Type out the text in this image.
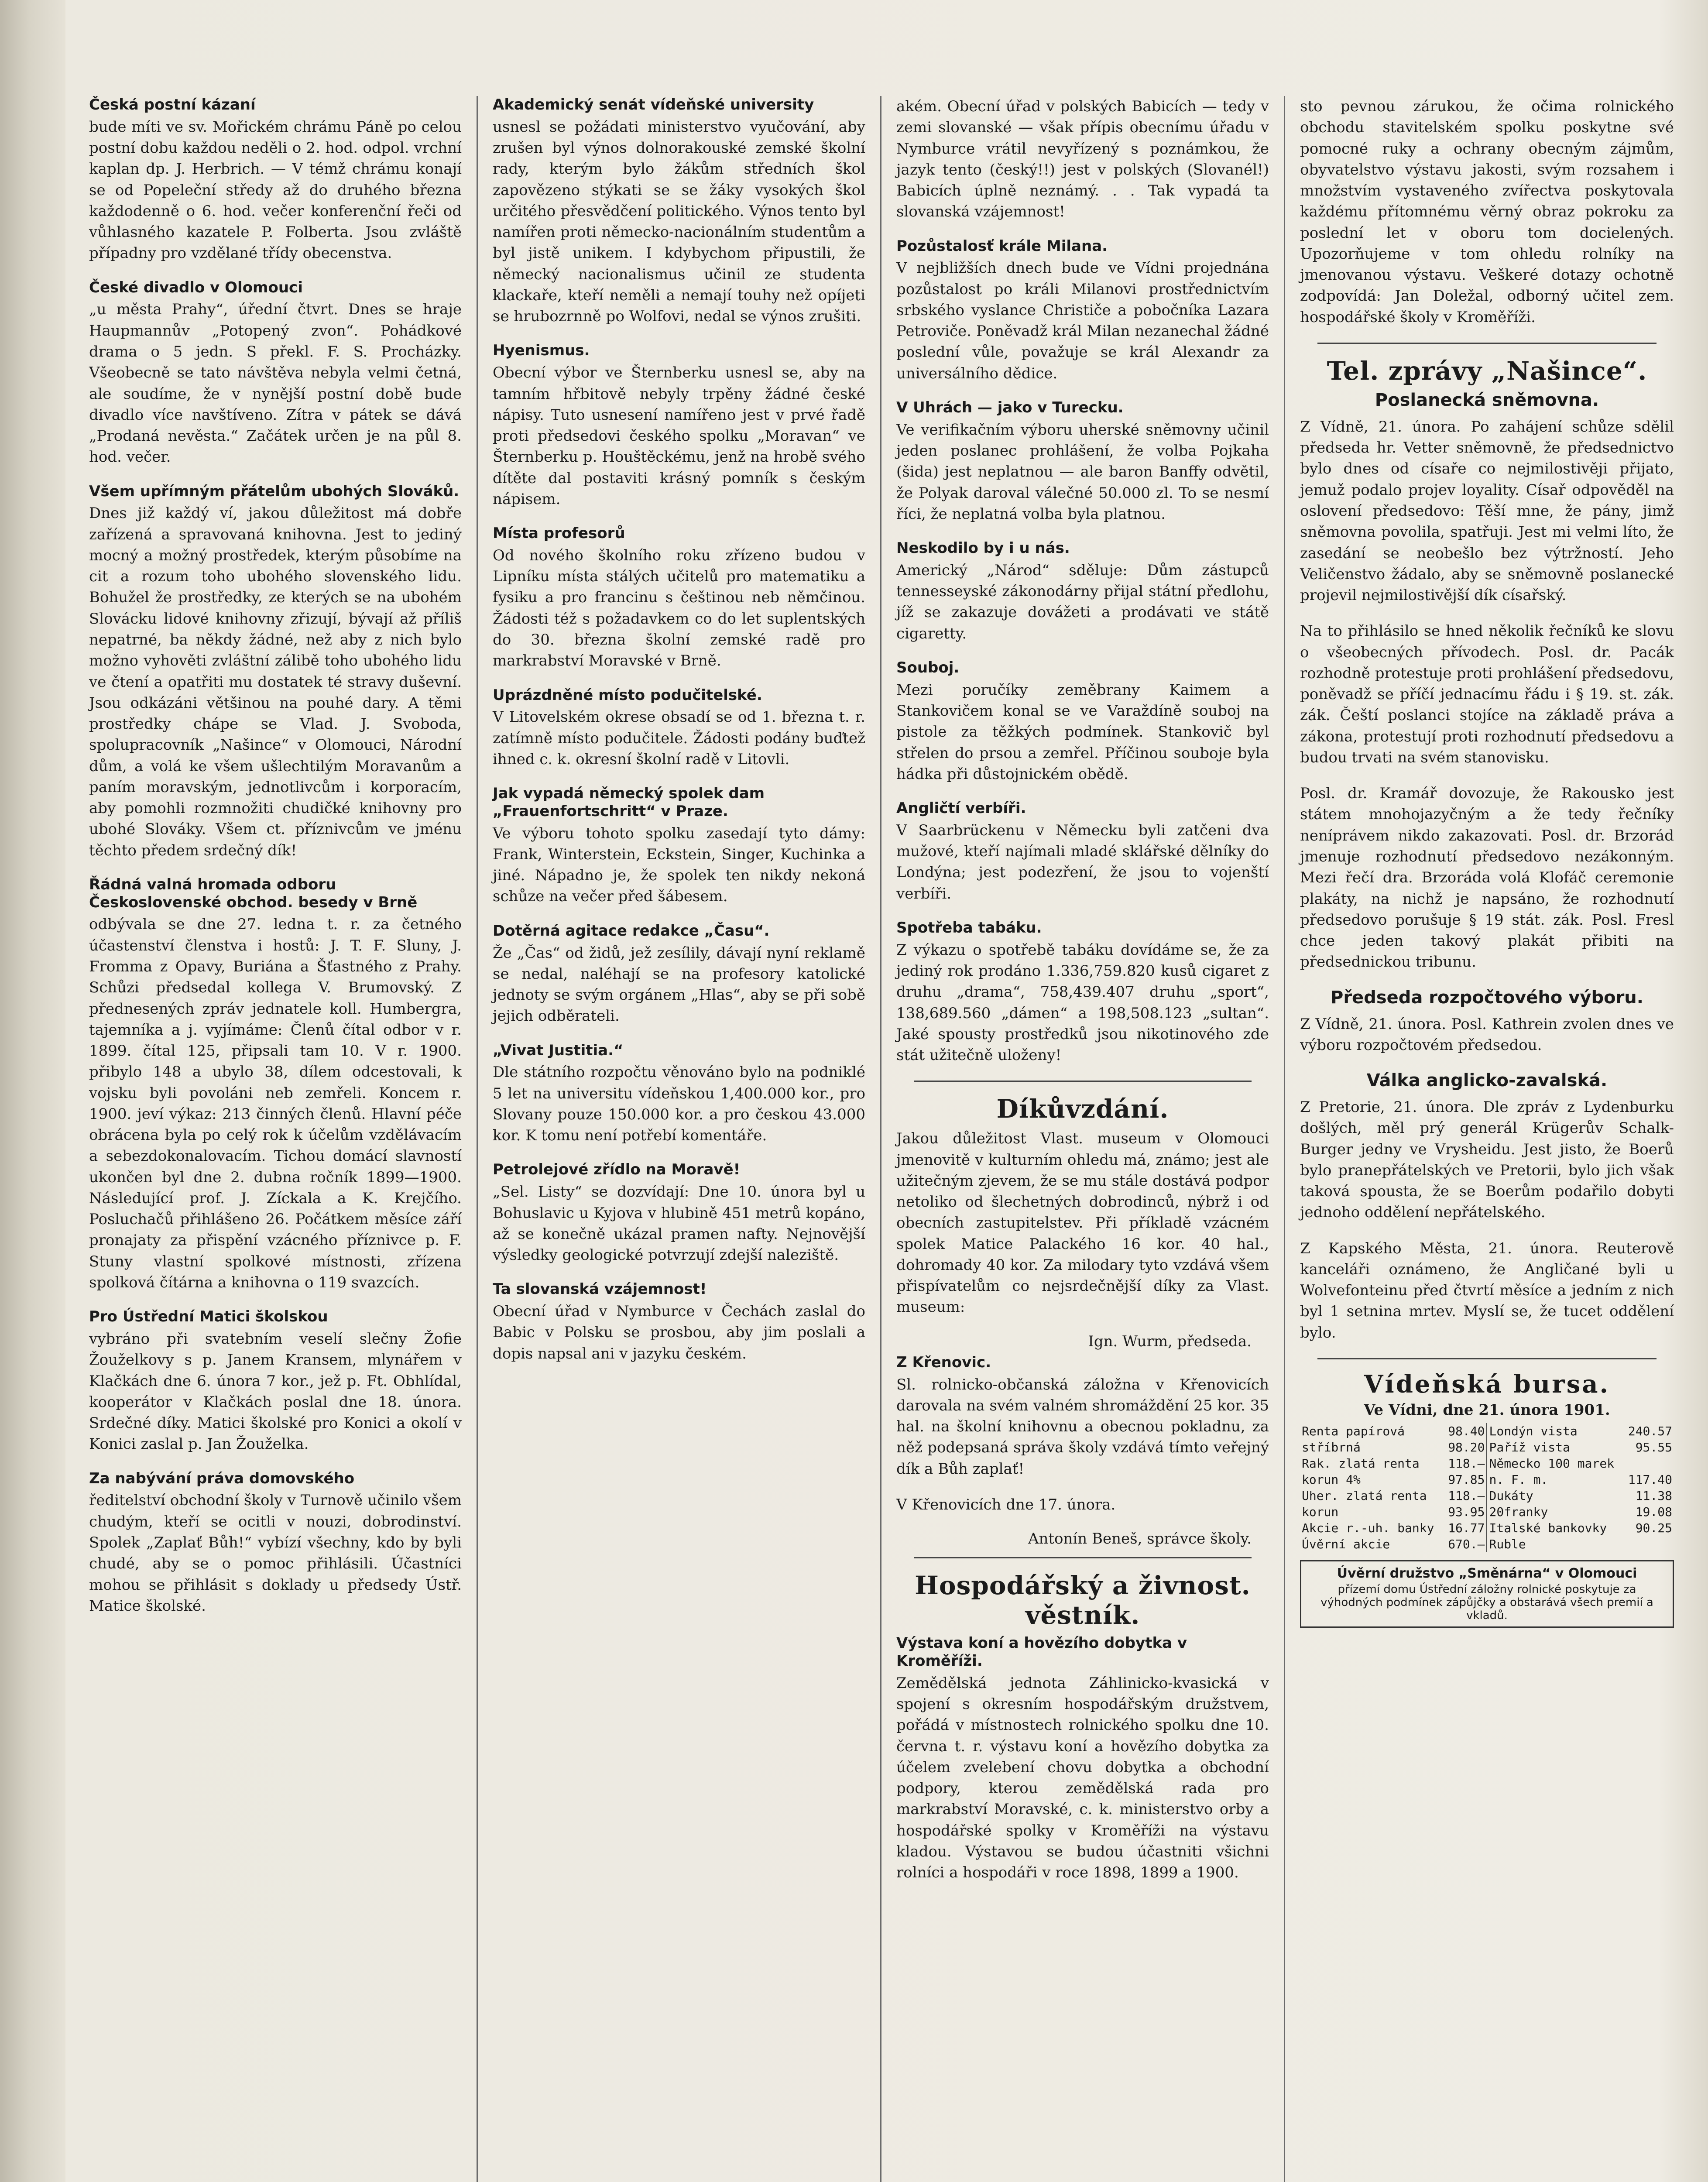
Česká postní kázaní
bude míti ve sv. Mořickém chrámu Páně po celou postní dobu každou neděli o 2. hod. odpol. vrchní kaplan dp. J. Herbrich. — V témž chrámu konají se od Popeleční středy až do druhého března každodenně o 6. hod. večer konferenční řeči od vůhlasného kazatele P. Folberta. Jsou zvláště případny pro vzdělané třídy obecenstva.
České divadlo v Olomouci
„u města Prahy“, úřední čtvrt. Dnes se hraje Haupmannův „Potopený zvon“. Pohádkové drama o 5 jedn. S překl. F. S. Procházky. Všeobecně se tato návštěva nebyla velmi četná, ale soudíme, že v nynější postní době bude divadlo více navštíveno. Zítra v pátek se dává „Prodaná nevěsta.“ Začátek určen je na půl 8. hod. večer.
Všem upřímným přátelům ubohých Slováků.
Dnes již každý ví, jakou důležitost má dobře zařízená a spravovaná knihovna. Jest to jediný mocný a možný prostředek, kterým působíme na cit a rozum toho ubohého slovenského lidu. Bohužel že prostředky, ze kterých se na ubohém Slovácku lidové knihovny zřizují, bývají až příliš nepatrné, ba někdy žádné, než aby z nich bylo možno vyhověti zvláštní zálibě toho ubohého lidu ve čtení a opatřiti mu dostatek té stravy duševní. Jsou odkázáni většinou na pouhé dary. A těmi prostředky chápe se Vlad. J. Svoboda, spolupracovník „Našince“ v Olomouci, Národní dům, a volá ke všem ušlechtilým Moravanům a paním moravským, jednotlivcům i korporacím, aby pomohli rozmnožiti chudičké knihovny pro ubohé Slováky. Všem ct. příznivcům ve jménu těchto předem srdečný dík!
Řádná valná hromada odboru Československé obchod. besedy v Brně
odbývala se dne 27. ledna t. r. za četného účastenství členstva i hostů: J. T. F. Sluny, J. Fromma z Opavy, Buriána a Šťastného z Prahy. Schůzi předsedal kollega V. Brumovský. Z přednesených zpráv jednatele koll. Humbergra, tajemníka a j. vyjímáme: Členů čítal odbor v r. 1899. čítal 125, připsali tam 10. V r. 1900. přibylo 148 a ubylo 38, dílem odcestovali, k vojsku byli povoláni neb zemřeli. Koncem r. 1900. jeví výkaz: 213 činných členů. Hlavní péče obrácena byla po celý rok k účelům vzdělávacím a sebezdokonalovacím. Tichou domácí slavností ukončen byl dne 2. dubna ročník 1899—1900. Následující prof. J. Zíckala a K. Krejčího. Posluchačů přihlášeno 26. Počátkem měsíce září pronajaty za přispění vzácného příznivce p. F. Stuny vlastní spolkové místnosti, zřízena spolková čítárna a knihovna o 119 svazcích.
Pro Ústřední Matici školskou
vybráno při svatebním veselí slečny Žofie Žouželkovy s p. Janem Kransem, mlynářem v Klačkách dne 6. února 7 kor., jež p. Ft. Obhlídal, kooperátor v Klačkách poslal dne 18. února. Srdečné díky. Matici školské pro Konici a okolí v Konici zaslal p. Jan Žouželka.
Za nabývání práva domovského
ředitelství obchodní školy v Turnově učinilo všem chudým, kteří se ocitli v nouzi, dobrodinství. Spolek „Zaplať Bůh!“ vybízí všechny, kdo by byli chudé, aby se o pomoc přihlásili. Účastníci mohou se přihlásit s doklady u předsedy Ústř. Matice školské.
Akademický senát vídeňské university
usnesl se požádati ministerstvo vyučování, aby zrušen byl výnos dolnorakouské zemské školní rady, kterým bylo žákům středních škol zapovězeno stýkati se se žáky vysokých škol určitého přesvědčení politického. Výnos tento byl namířen proti německo-nacionálním studentům a byl jistě unikem. I kdybychom připustili, že německý nacionalismus učinil ze studenta klackaře, kteří neměli a nemají touhy než opíjeti se hrubozrnně po Wolfovi, nedal se výnos zrušiti.
Hyenismus.
Obecní výbor ve Šternberku usnesl se, aby na tamním hřbitově nebyly trpěny žádné české nápisy. Tuto usnesení namířeno jest v prvé řadě proti předsedovi českého spolku „Moravan“ ve Šternberku p. Houštěckému, jenž na hrobě svého dítěte dal postaviti krásný pomník s českým nápisem.
Místa profesorů
Od nového školního roku zřízeno budou v Lipníku místa stálých učitelů pro matematiku a fysiku a pro francinu s češtinou neb němčinou. Žádosti též s požadavkem co do let suplentských do 30. března školní zemské radě pro markrabství Moravské v Brně.
Uprázdněné místo podučitelské.
V Litovelském okrese obsadí se od 1. března t. r. zatímně místo podučitele. Žádosti podány buďtež ihned c. k. okresní školní radě v Litovli.
Jak vypadá německý spolek dam „Frauenfortschritt“ v Praze.
Ve výboru tohoto spolku zasedají tyto dámy: Frank, Winterstein, Eckstein, Singer, Kuchinka a jiné. Nápadno je, že spolek ten nikdy nekoná schůze na večer před šábesem.
Dotěrná agitace redakce „Času“.
Že „Čas“ od židů, jež zesílily, dávají nyní reklamě se nedal, naléhají se na profesory katolické jednoty se svým orgánem „Hlas“, aby se při sobě jejich odběrateli.
„Vivat Justitia.“
Dle státního rozpočtu věnováno bylo na podniklé 5 let na universitu vídeňskou 1,400.000 kor., pro Slovany pouze 150.000 kor. a pro českou 43.000 kor. K tomu není potřebí komentáře.
Petrolejové zřídlo na Moravě!
„Sel. Listy“ se dozvídají: Dne 10. února byl u Bohuslavic u Kyjova v hlubině 451 metrů kopáno, až se konečně ukázal pramen nafty. Nejnovější výsledky geologické potvrzují zdejší naleziště.
Ta slovanská vzájemnost!
Obecní úřad v Nymburce v Čechách zaslal do Babic v Polsku se prosbou, aby jim poslali a dopis napsal ani v jazyku českém.
akém. Obecní úřad v polských Babicích — tedy v zemi slovanské — však přípis obecnímu úřadu v Nymburce vrátil nevyřízený s poznámkou, že jazyk tento (český!!) jest v polských (Slovanél!) Babicích úplně neznámý. . . Tak vypadá ta slovanská vzájemnost!
Pozůstalosť krále Milana.
V nejbližších dnech bude ve Vídni projednána pozůstalost po králi Milanovi prostřednictvím srbského vyslance Christiče a pobočníka Lazara Petroviče. Poněvadž král Milan nezanechal žádné poslední vůle, považuje se král Alexandr za universálního dědice.
V Uhrách — jako v Turecku.
Ve verifikačním výboru uherské sněmovny učinil jeden poslanec prohlášení, že volba Pojkaha (šida) jest neplatnou — ale baron Banffy odvětil, že Polyak daroval válečné 50.000 zl. To se nesmí říci, že neplatná volba byla platnou.
Neskodilo by i u nás.
Americký „Národ“ sděluje: Dům zástupců tennesseyské zákonodárny přijal státní předlohu, jíž se zakazuje dovážeti a prodávati ve státě cigaretty.
Souboj.
Mezi poručíky zeměbrany Kaimem a Stankovičem konal se ve Varaždíně souboj na pistole za těžkých podmínek. Stankovič byl střelen do prsou a zemřel. Příčinou souboje byla hádka při důstojnickém obědě.
Angličtí verbíři.
V Saarbrückenu v Německu byli zatčeni dva mužové, kteří najímali mladé sklářské dělníky do Londýna; jest podezření, že jsou to vojenští verbíři.
Spotřeba tabáku.
Z výkazu o spotřebě tabáku dovídáme se, že za jediný rok prodáno 1.336,759.820 kusů cigaret z druhu „drama“, 758,439.407 druhu „sport“, 138,689.560 „dámen“ a 198,508.123 „sultan“. Jaké spousty prostředků jsou nikotinového zde stát užitečně uloženy!
Díkůvzdání.
Jakou důležitost Vlast. museum v Olomouci jmenovitě v kulturním ohledu má, známo; jest ale užitečným zjevem, že se mu stále dostává podpor netoliko od šlechetných dobrodinců, nýbrž i od obecních zastupitelstev. Při příkladě vzácném spolek Matice Palackého 16 kor. 40 hal., dohromady 40 kor. Za milodary tyto vzdává všem přispívatelům co nejsrdečnější díky za Vlast. museum:
Ign. Wurm, předseda.
Z Křenovic.
Sl. rolnicko-občanská záložna v Křenovicích darovala na svém valném shromáždění 25 kor. 35 hal. na školní knihovnu a obecnou pokladnu, za něž podepsaná správa školy vzdává tímto veřejný dík a Bůh zaplať!
V Křenovicích dne 17. února.
Antonín Beneš, správce školy.
Hospodářský a živnost. věstník.
Výstava koní a hovězího dobytka v Kroměříži.
Zemědělská jednota Záhlinicko-kvasická v spojení s okresním hospodářským družstvem, pořádá v místnostech rolnického spolku dne 10. června t. r. výstavu koní a hovězího dobytka za účelem zvelebení chovu dobytka a obchodní podpory, kterou zemědělská rada pro markrabství Moravské, c. k. ministerstvo orby a hospodářské spolky v Kroměříži na výstavu kladou. Výstavou se budou účastniti všichni rolníci a hospodáři v roce 1898, 1899 a 1900.
sto pevnou zárukou, že očima rolnického obchodu stavitelském spolku poskytne své pomocné ruky a ochrany obecným zájmům, obyvatelstvo výstavu jakosti, svým rozsahem i množstvím vystaveného zvířectva poskytovala každému přítomnému věrný obraz pokroku za poslední let v oboru tom docielených. Upozorňujeme v tom ohledu rolníky na jmenovanou výstavu. Veškeré dotazy ochotně zodpovídá: Jan Doležal, odborný učitel zem. hospodářské školy v Kroměříži.
Tel. zprávy „Našince“.
Poslanecká sněmovna.
Z Vídně, 21. února. Po zahájení schůze sdělil předseda hr. Vetter sněmovně, že předsednictvo bylo dnes od císaře co nejmilostivěji přijato, jemuž podalo projev loyality. Císař odpověděl na oslovení předsedovo: Těší mne, že pány, jimž sněmovna povolila, spatřuji. Jest mi velmi líto, že zasedání se neobešlo bez výtržností. Jeho Veličenstvo žádalo, aby se sněmovně poslanecké projevil nejmilostivější dík císařský.
Na to přihlásilo se hned několik řečníků ke slovu o všeobecných přívodech. Posl. dr. Pacák rozhodně protestuje proti prohlášení předsedovu, poněvadž se příčí jednacímu řádu i § 19. st. zák. zák. Čeští poslanci stojíce na základě práva a zákona, protestují proti rozhodnutí předsedovu a budou trvati na svém stanovisku.
Posl. dr. Kramář dovozuje, že Rakousko jest státem mnohojazyčným a že tedy řečníky neníprávem nikdo zakazovati. Posl. dr. Brzorád jmenuje rozhodnutí předsedovo nezákonným. Mezi řečí dra. Brzoráda volá Klofáč ceremonie plakáty, na nichž je napsáno, že rozhodnutí předsedovo porušuje § 19 stát. zák. Posl. Fresl chce jeden takový plakát přibiti na předsednickou tribunu.
Předseda rozpočtového výboru.
Z Vídně, 21. února. Posl. Kathrein zvolen dnes ve výboru rozpočtovém předsedou.
Válka anglicko-zavalská.
Z Pretorie, 21. února. Dle zpráv z Lydenburku došlých, měl prý generál Krügerův Schalk-Burger jedny ve Vrysheidu. Jest jisto, že Boerů bylo pranepřátelských ve Pretorii, bylo jich však taková spousta, že se Boerům podařilo dobyti jednoho oddělení nepřátelského.
Z Kapského Města, 21. února. Reuterově kanceláři oznámeno, že Angličané byli u Wolvefonteinu před čtvrtí měsíce a jedním z nich byl 1 setnina mrtev. Myslí se, že tucet oddělení bylo.
Vídeňská bursa.
Ve Vídni, dne 21. února 1901.
Renta papírová	98.40	Londýn vista	240.57
stříbrná	98.20	Paříž vista	95.55
Rak. zlatá renta	118.—	Německo 100 marek	
korun 4%	97.85	n. F. m.	117.40
Uher. zlatá renta	118.—	Dukáty	11.38
korun	93.95	20franky	19.08
Akcie r.-uh. banky	16.77	Italské bankovky	90.25
Úvěrní akcie	670.—	Ruble	
Úvěrní družstvo „Směnárna“ v Olomouci
přízemí domu Ústřední záložny rolnické poskytuje za výhodných podmínek zápůjčky a obstarává všech premií a vkladů.
